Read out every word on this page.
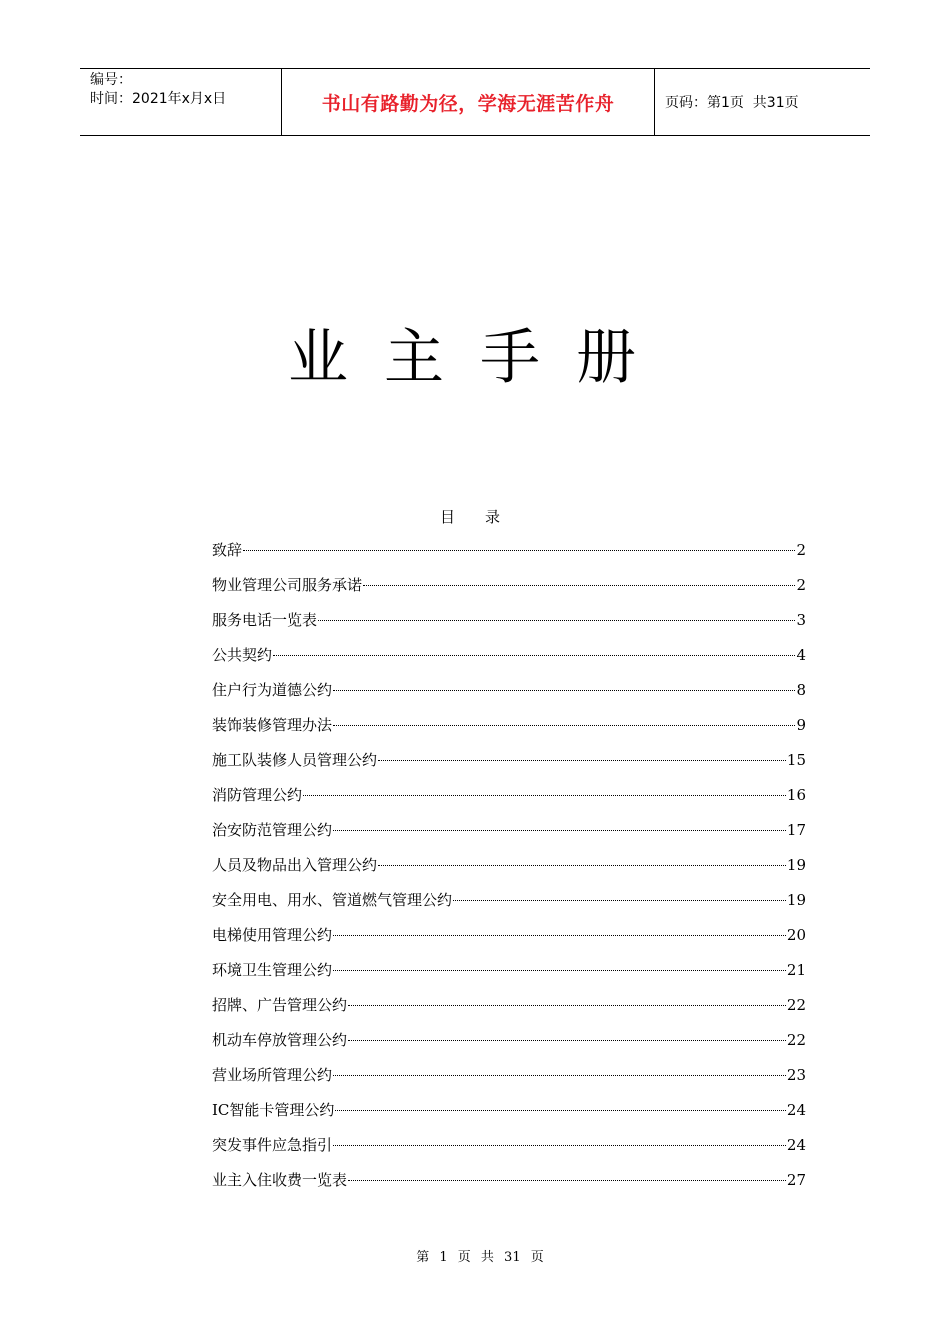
编号：
时间：2021年x月x日	书山有路勤为径，学海无涯苦作舟	页码：第1页  共31页
业主手册
目录
致辞	2
物业管理公司服务承诺	2
服务电话一览表	3
公共契约	4
住户行为道德公约	8
装饰装修管理办法	9
施工队装修人员管理公约	15
消防管理公约	16
治安防范管理公约	17
人员及物品出入管理公约	19
安全用电、用水、管道燃气管理公约	19
电梯使用管理公约	20
环境卫生管理公约	21
招牌、广告管理公约	22
机动车停放管理公约	22
营业场所管理公约	23
IC智能卡管理公约	24
突发事件应急指引	24
业主入住收费一览表	27
第 1 页 共 31 页
